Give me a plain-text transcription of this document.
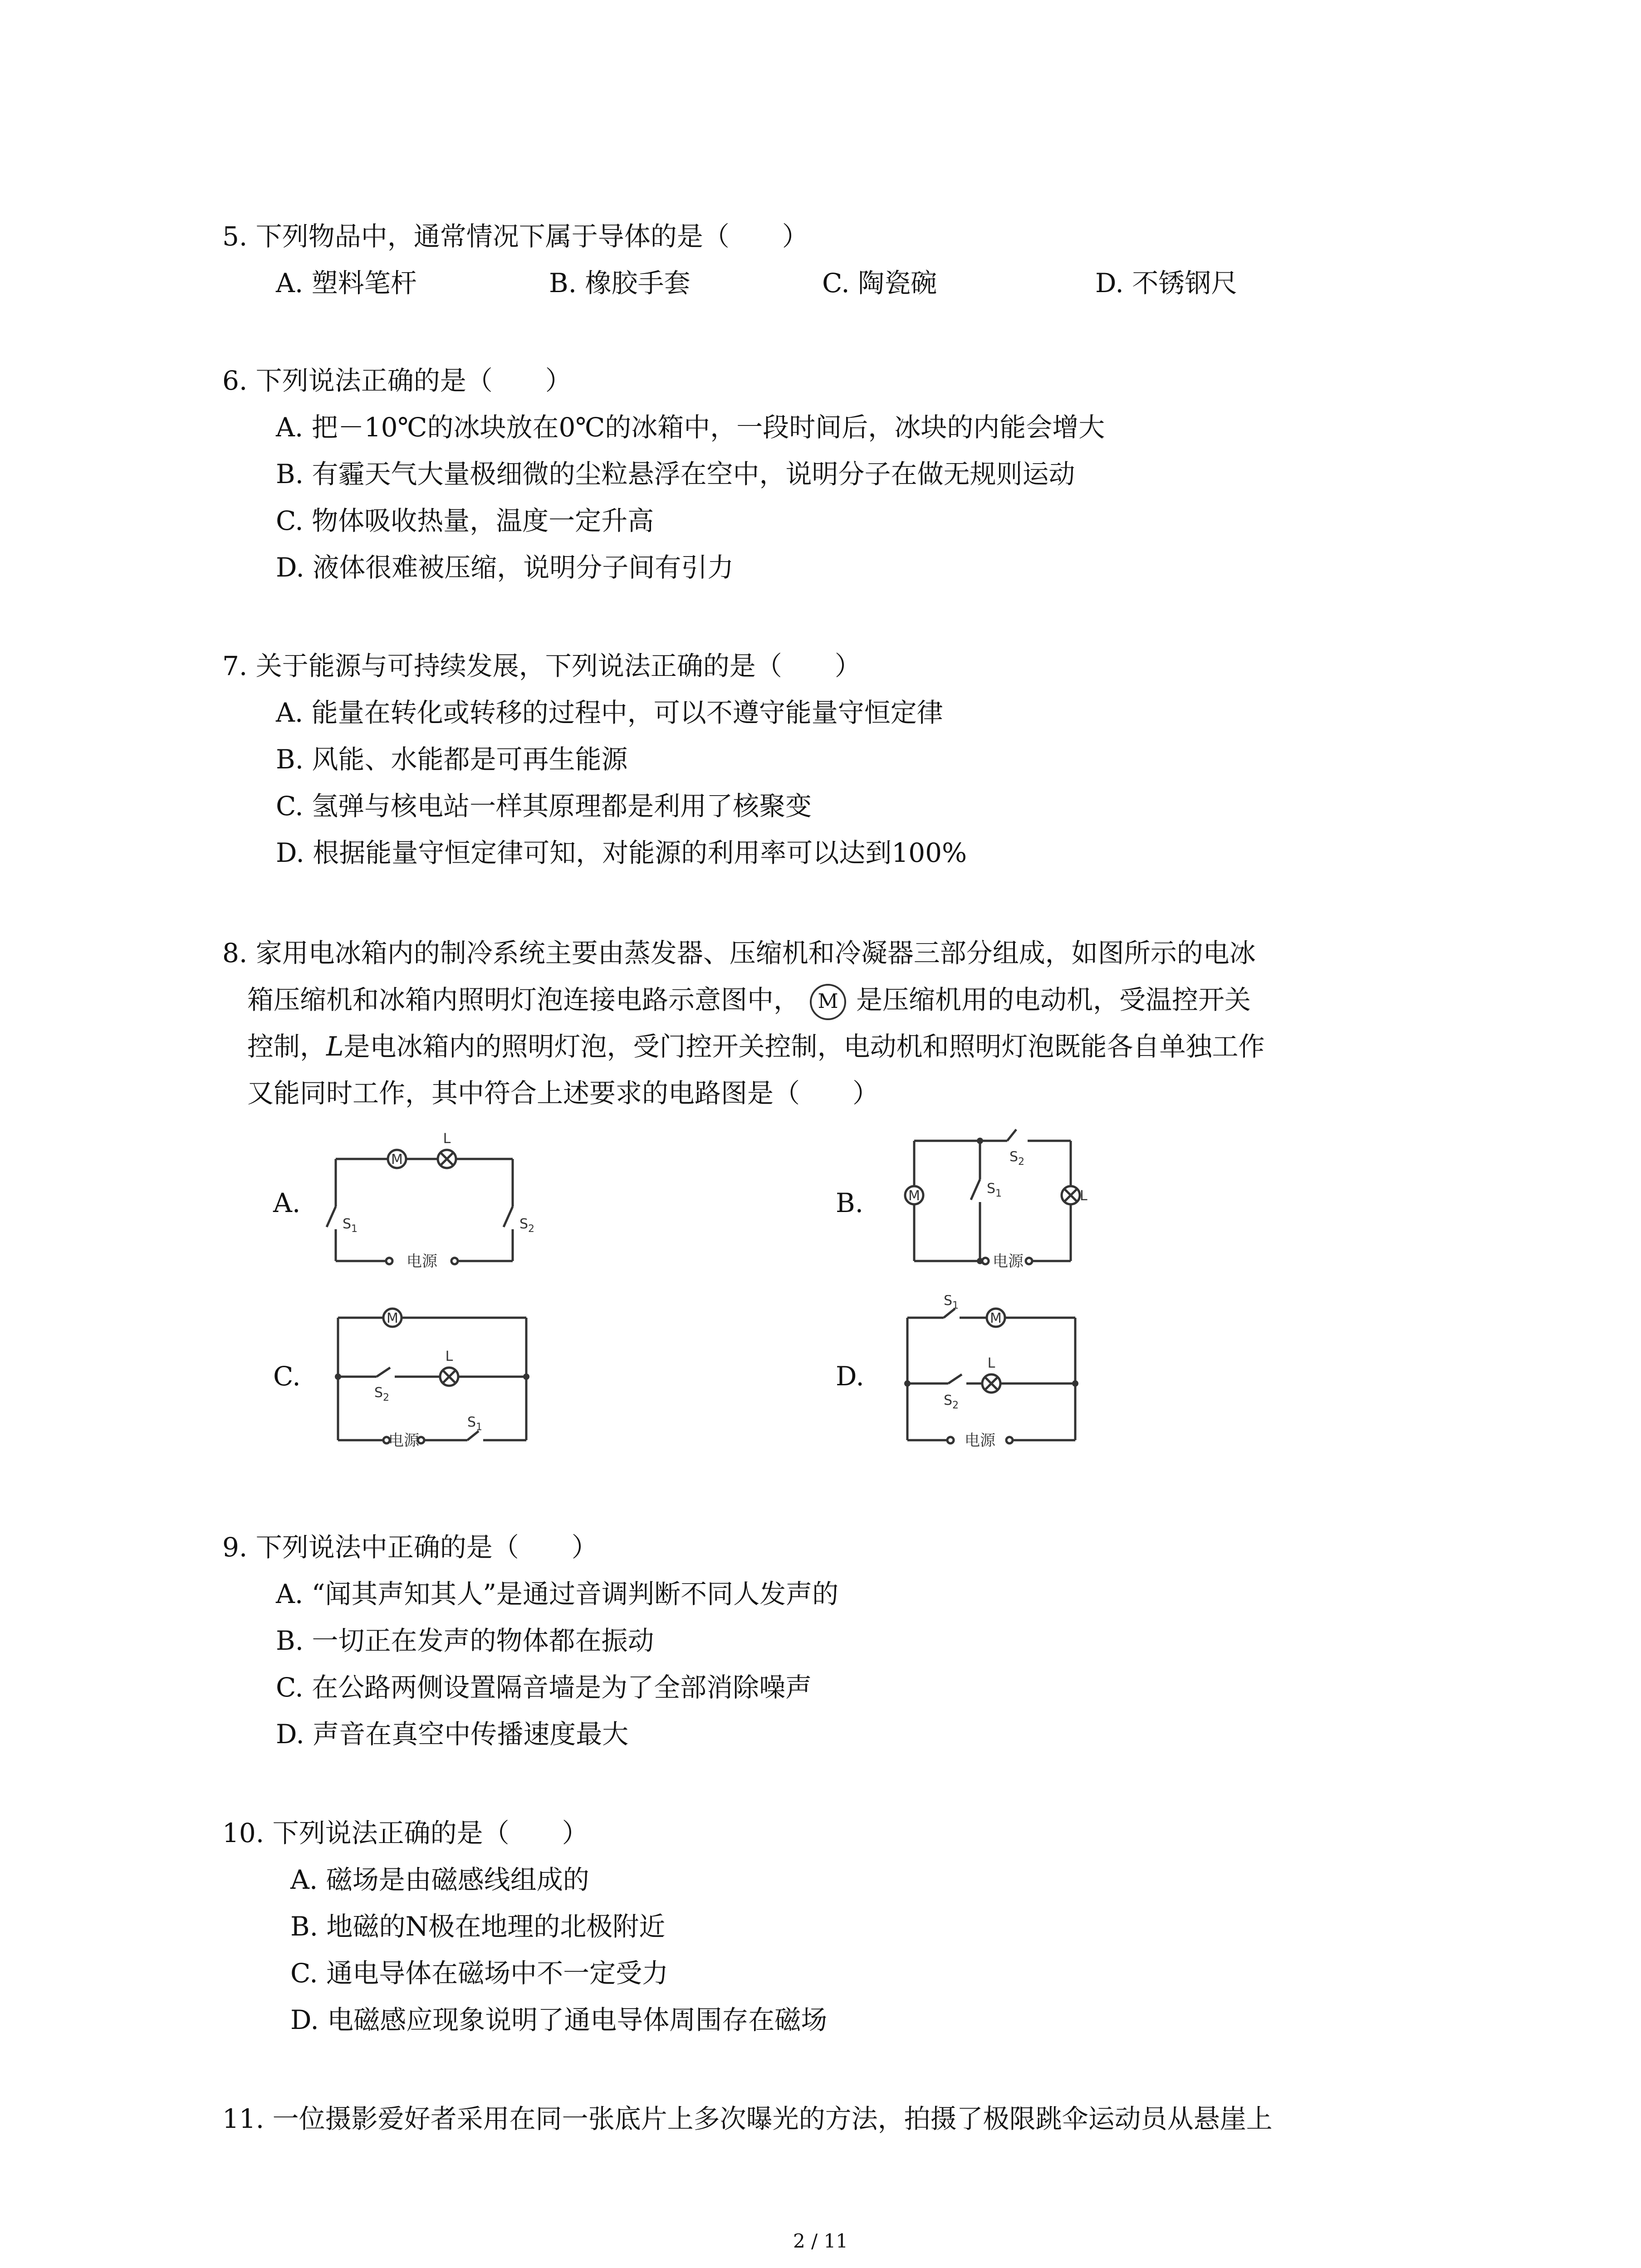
5. 下列物品中，通常情况下属于导体的是（　　）
A. 塑料笔杆	B. 橡胶手套	C. 陶瓷碗	D. 不锈钢尺
6. 下列说法正确的是（　　）
A. 把－10℃的冰块放在0℃的冰箱中，一段时间后，冰块的内能会增大
B. 有霾天气大量极细微的尘粒悬浮在空中，说明分子在做无规则运动
C. 物体吸收热量，温度一定升高
D. 液体很难被压缩，说明分子间有引力
7. 关于能源与可持续发展，下列说法正确的是（　　）
A. 能量在转化或转移的过程中，可以不遵守能量守恒定律
B. 风能、水能都是可再生能源
C. 氢弹与核电站一样其原理都是利用了核聚变
D. 根据能量守恒定律可知，对能源的利用率可以达到100%
8. 家用电冰箱内的制冷系统主要由蒸发器、压缩机和冷凝器三部分组成，如图所示的电冰
箱压缩机和冰箱内照明灯泡连接电路示意图中， M 是压缩机用的电动机，受温控开关
控制，L是电冰箱内的照明灯泡，受门控开关控制，电动机和照明灯泡既能各自单独工作
又能同时工作，其中符合上述要求的电路图是（　　）
A.
M
L
$S_1$	$S_2$
电源
B.	M	L
$S_1$
$S_2$
电源
C.
M
L
$S_2$
$S_1$
电源
D.
M
L
$S_1$
$S_2$
电源
9. 下列说法中正确的是（　　）
A. “闻其声知其人”是通过音调判断不同人发声的
B. 一切正在发声的物体都在振动
C. 在公路两侧设置隔音墙是为了全部消除噪声
D. 声音在真空中传播速度最大
10. 下列说法正确的是（　　）
A. 磁场是由磁感线组成的
B. 地磁的N极在地理的北极附近
C. 通电导体在磁场中不一定受力
D. 电磁感应现象说明了通电导体周围存在磁场
11. 一位摄影爱好者采用在同一张底片上多次曝光的方法，拍摄了极限跳伞运动员从悬崖上
2 / 11
